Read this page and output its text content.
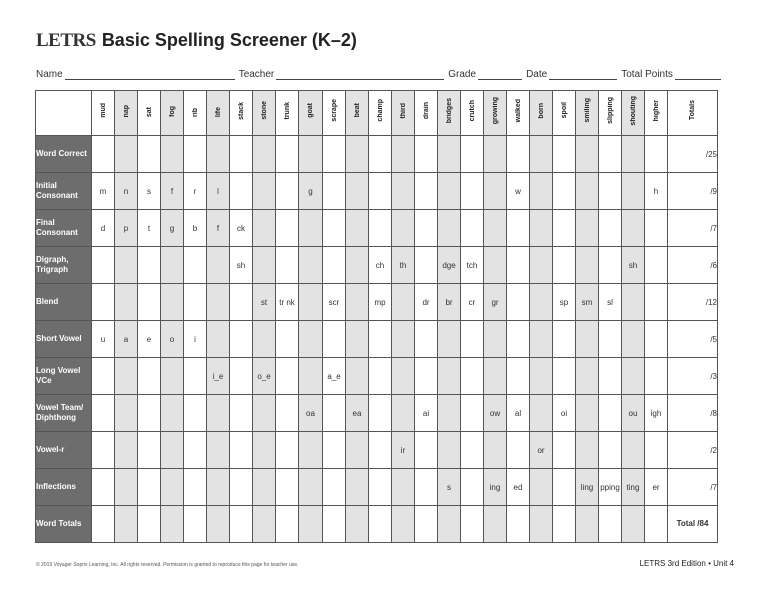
LETRS Basic Spelling Screener (K–2)
Name	Teacher	Grade	Date	Total Points
	mud	nap	sat	fog	rib	life	stack	stone	trunk	goat	scrape	beat	champ	third	drain	bridges	crutch	growing	walked	born	spoil	smiling	slipping	shouting	higher	Totals
Word Correct																										/25
Initial Consonant	m	n	s	f	r	l				g									w						h	/9
Final Consonant	d	p	t	g	b	f	ck																			/7
Digraph, Trigraph							sh						ch	th		dge	tch							sh		/6
Blend								st	tr nk		scr		mp		dr	br	cr	gr			sp	sm	sl			/12
Short Vowel	u	a	e	o	i																					/5
Long Vowel VCe						i_e		o_e			a_e															/3
Vowel Team/ Diphthong										oa		ea			ai			ow	al		oi			ou	igh	/8
Vowel-r														ir						or						/2
Inflections																s		ing	ed			ling	pping	ting	er	/7
Word Totals																										Total /84
© 2019 Voyager Sopris Learning, Inc. All rights reserved. Permission is granted to reproduce this page for teacher use.	LETRS 3rd Edition • Unit 4
